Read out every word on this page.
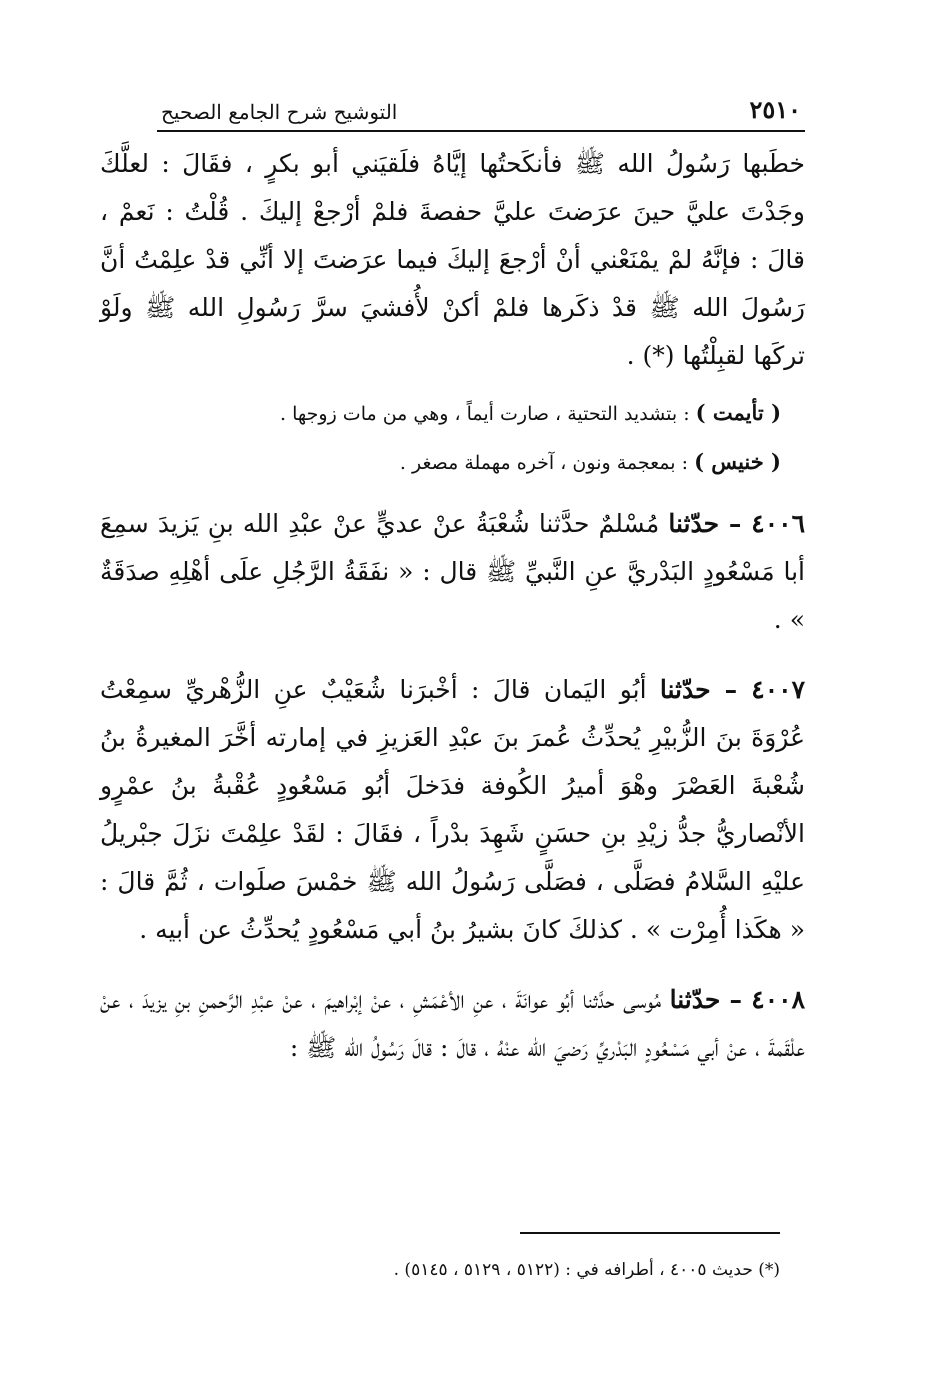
٢٥١٠
التوشيح شرح الجامع الصحيح

خطَبها رَسُولُ الله ﷺ فأنكَحتُها إيَّاهُ فلَقيَني أبو بكرٍ ، فقَالَ : لعلَّكَ وجَدْتَ عليَّ حينَ عرَضتَ عليَّ حفصةَ فلمْ أرْجعْ إليكَ . قُلْتُ : نَعمْ ، قالَ : فإنَّهُ لمْ يمْنَعْني أنْ أرْجعَ إليكَ فيما عرَضتَ إلا أنِّي قدْ علِمْتُ أنَّ رَسُولَ الله ﷺ قدْ ذكَرها فلمْ أكنْ لأُفشيَ سرَّ رَسُولِ الله ﷺ ولَوْ تركَها لقبِلْتُها (*) .

( تأيمت ) : بتشديد التحتية ، صارت أيماً ، وهي من مات زوجها .
( خنيس ) : بمعجمة ونون ، آخره مهملة مصغر .

٤٠٠٦ – حدّثنا مُسْلمٌ حدَّثنا شُعْبَةُ عنْ عديٍّ عنْ عبْدِ الله بنِ يَزيدَ سمِعَ أبا مَسْعُودٍ البَدْريَّ عنِ النَّبيِّ ﷺ قال : « نفَقَةُ الرَّجُلِ علَى أهْلِهِ صدَقَةٌ » .

٤٠٠٧ – حدّثنا أبُو اليَمان قالَ : أخْبرَنا شُعَيْبٌ عنِ الزُّهْريِّ سمِعْتُ عُرْوَةَ بنَ الزُّبيْرِ يُحدِّثُ عُمرَ بنَ عبْدِ العَزيزِ في إمارته أخَّرَ المغيرةُ بنُ شُعْبةَ العَصْرَ وهْوَ أميرُ الكُوفة فدَخلَ أبُو مَسْعُودٍ عُقْبةُ بنُ عمْرٍو الأنْصاريُّ جدُّ زيْدِ بنِ حسَنٍ شَهِدَ بدْراً ، فقَالَ : لقَدْ علِمْتَ نزَلَ جبْريلُ عليْهِ السَّلامُ فصَلَّى ، فصَلَّى رَسُولُ الله ﷺ خمْسَ صلَوات ، ثُمَّ قالَ : « هكَذا أُمِرْت » . كذلكَ كانَ بشيرُ بنُ أبي مَسْعُودٍ يُحدِّثُ عن أبيه .

٤٠٠٨ – حدّثنا مُوسى حدَّثنا أبُو عوانَةَ ، عنِ الأعْمَشِ ، عنْ إبْراهيمَ ، عنْ عبْدِ الرَّحمنِ بنِ يزيدَ ، عنْ علْقَمةَ ، عنْ أبي مَسْعُودٍ البَدْريِّ رَضيَ الله عنْهُ ، قالَ : قالَ رَسُولُ الله ﷺ :

(*) حديث ٤٠٠٥ ، أطرافه في : (٥١٢٢ ، ٥١٢٩ ، ٥١٤٥) .
